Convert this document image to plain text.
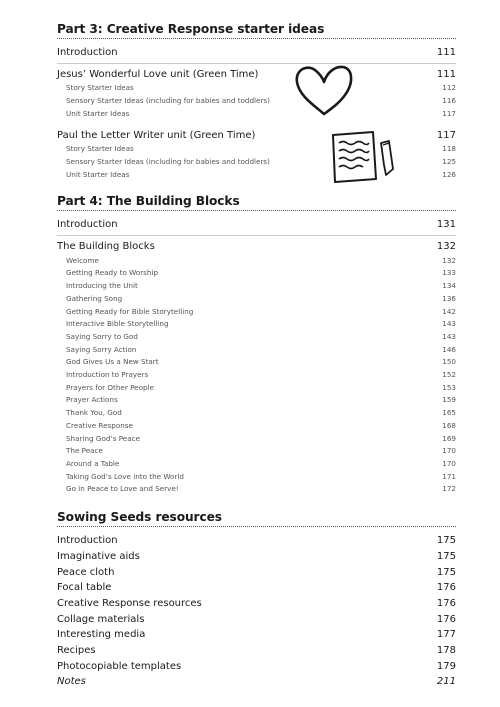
Part 3: Creative Response starter ideas
Introduction	111
Jesus’ Wonderful Love unit (Green Time)	111
Story Starter Ideas	112
Sensory Starter Ideas (including for babies and toddlers)	116
Unit Starter Ideas	117
Paul the Letter Writer unit (Green Time)	117
Story Starter Ideas	118
Sensory Starter Ideas (including for babies and toddlers)	125
Unit Starter Ideas	126
Part 4: The Building Blocks
Introduction	131
The Building Blocks	132
Welcome	132
Getting Ready to Worship	133
Introducing the Unit	134
Gathering Song	136
Getting Ready for Bible Storytelling	142
Interactive Bible Storytelling	143
Saying Sorry to God	143
Saying Sorry Action	146
God Gives Us a New Start	150
Introduction to Prayers	152
Prayers for Other People	153
Prayer Actions	159
Thank You, God	165
Creative Response	168
Sharing God’s Peace	169
The Peace	170
Around a Table	170
Taking God’s Love into the World	171
Go in Peace to Love and Serve!	172
Sowing Seeds resources
Introduction	175
Imaginative aids	175
Peace cloth	175
Focal table	176
Creative Response resources	176
Collage materials	176
Interesting media	177
Recipes	178
Photocopiable templates	179
Notes	211
